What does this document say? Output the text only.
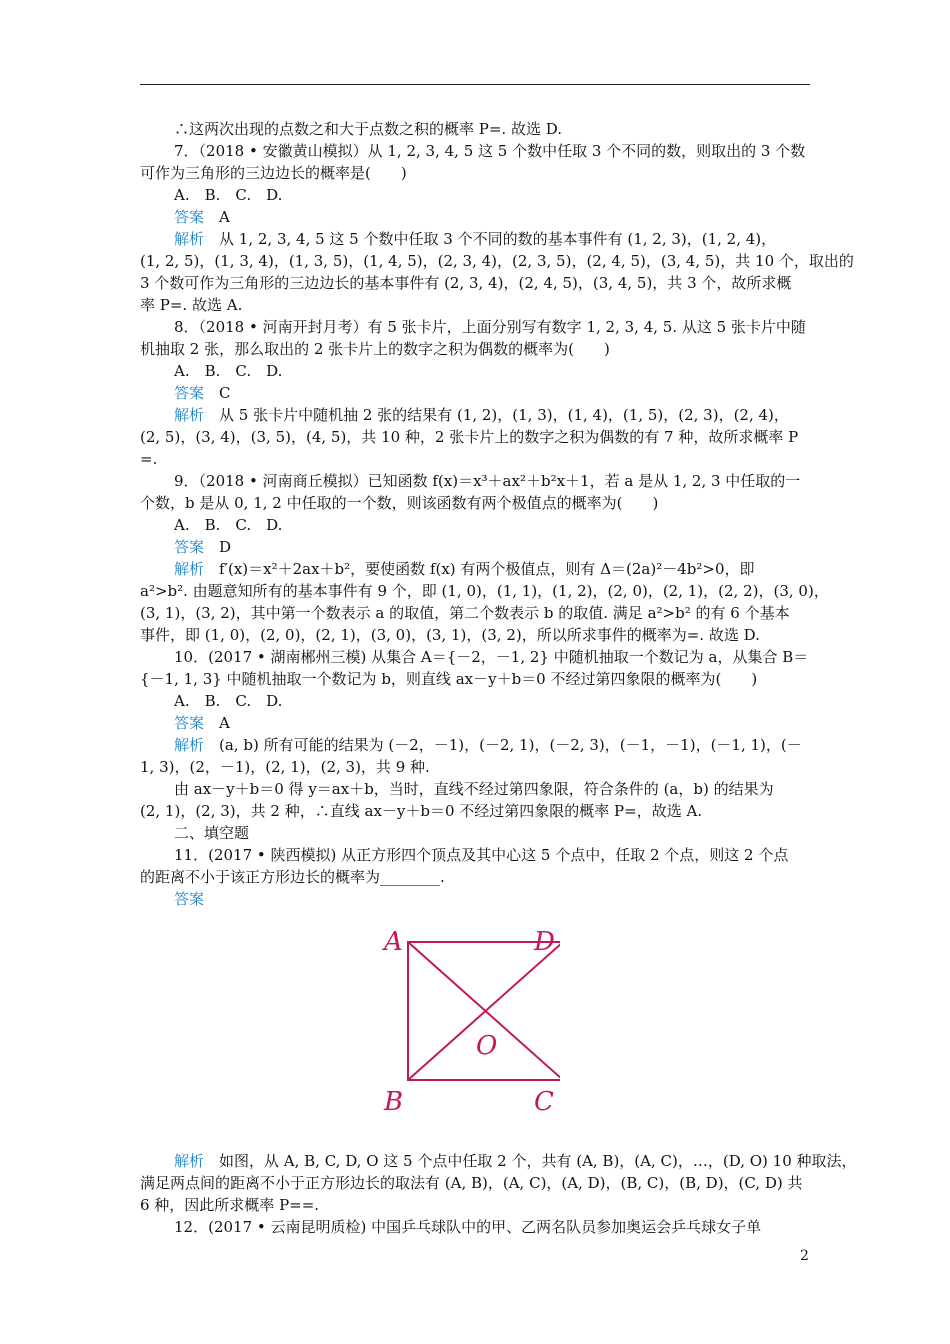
∴这两次出现的点数之和大于点数之积的概率 P=. 故选 D.
7．（2018 • 安徽黄山模拟）从 1, 2, 3, 4, 5 这 5 个数中任取 3 个不同的数，则取出的 3 个数
可作为三角形的三边边长的概率是(　　)
A.　B.　C.　D.
答案　A
解析　从 1, 2, 3, 4, 5 这 5 个数中任取 3 个不同的数的基本事件有 (1, 2, 3)，(1, 2, 4)，
(1, 2, 5)，(1, 3, 4)，(1, 3, 5)，(1, 4, 5)，(2, 3, 4)，(2, 3, 5)，(2, 4, 5)，(3, 4, 5)，共 10 个，取出的
3 个数可作为三角形的三边边长的基本事件有 (2, 3, 4)，(2, 4, 5)，(3, 4, 5)，共 3 个，故所求概
率 P=. 故选 A.
8．（2018 • 河南开封月考）有 5 张卡片，上面分别写有数字 1, 2, 3, 4, 5. 从这 5 张卡片中随
机抽取 2 张，那么取出的 2 张卡片上的数字之积为偶数的概率为(　　)
A.　B.　C.　D.
答案　C
解析　从 5 张卡片中随机抽 2 张的结果有 (1, 2)，(1, 3)，(1, 4)，(1, 5)，(2, 3)，(2, 4)，
(2, 5)，(3, 4)，(3, 5)，(4, 5)，共 10 种，2 张卡片上的数字之积为偶数的有 7 种，故所求概率 P
=.
9．（2018 • 河南商丘模拟）已知函数 f(x)＝x³＋ax²＋b²x＋1，若 a 是从 1, 2, 3 中任取的一
个数，b 是从 0, 1, 2 中任取的一个数，则该函数有两个极值点的概率为(　　)
A.　B.　C.　D.
答案　D
解析　f′(x)＝x²＋2ax＋b²，要使函数 f(x) 有两个极值点，则有 Δ＝(2a)²－4b²>0，即
a²>b². 由题意知所有的基本事件有 9 个，即 (1, 0)，(1, 1)，(1, 2)，(2, 0)，(2, 1)，(2, 2)，(3, 0)，
(3, 1)，(3, 2)，其中第一个数表示 a 的取值，第二个数表示 b 的取值. 满足 a²>b² 的有 6 个基本
事件，即 (1, 0)，(2, 0)，(2, 1)，(3, 0)，(3, 1)，(3, 2)，所以所求事件的概率为=. 故选 D.
10．(2017 • 湖南郴州三模) 从集合 A＝{－2，－1, 2} 中随机抽取一个数记为 a，从集合 B＝
{－1, 1, 3} 中随机抽取一个数记为 b，则直线 ax－y＋b＝0 不经过第四象限的概率为(　　)
A.　B.　C.　D.
答案　A
解析　(a, b) 所有可能的结果为 (－2，－1)，(－2, 1)，(－2, 3)，(－1，－1)，(－1, 1)，(－
1, 3)，(2，－1)，(2, 1)，(2, 3)，共 9 种.
由 ax－y＋b＝0 得 y＝ax＋b，当时，直线不经过第四象限，符合条件的 (a，b) 的结果为
(2, 1)，(2, 3)，共 2 种，∴直线 ax－y＋b＝0 不经过第四象限的概率 P=，故选 A.
二、填空题
11．(2017 • 陕西模拟) 从正方形四个顶点及其中心这 5 个点中，任取 2 个点，则这 2 个点
的距离不小于该正方形边长的概率为________.
答案
A
B	C
D
O
解析　如图，从 A, B, C, D, O 这 5 个点中任取 2 个，共有 (A, B)，(A, C)，…，(D, O) 10 种取法，
满足两点间的距离不小于正方形边长的取法有 (A, B)，(A, C)，(A, D)，(B, C)，(B, D)，(C, D) 共
6 种，因此所求概率 P==.
12．(2017 • 云南昆明质检) 中国乒乓球队中的甲、乙两名队员参加奥运会乒乓球女子单
2
